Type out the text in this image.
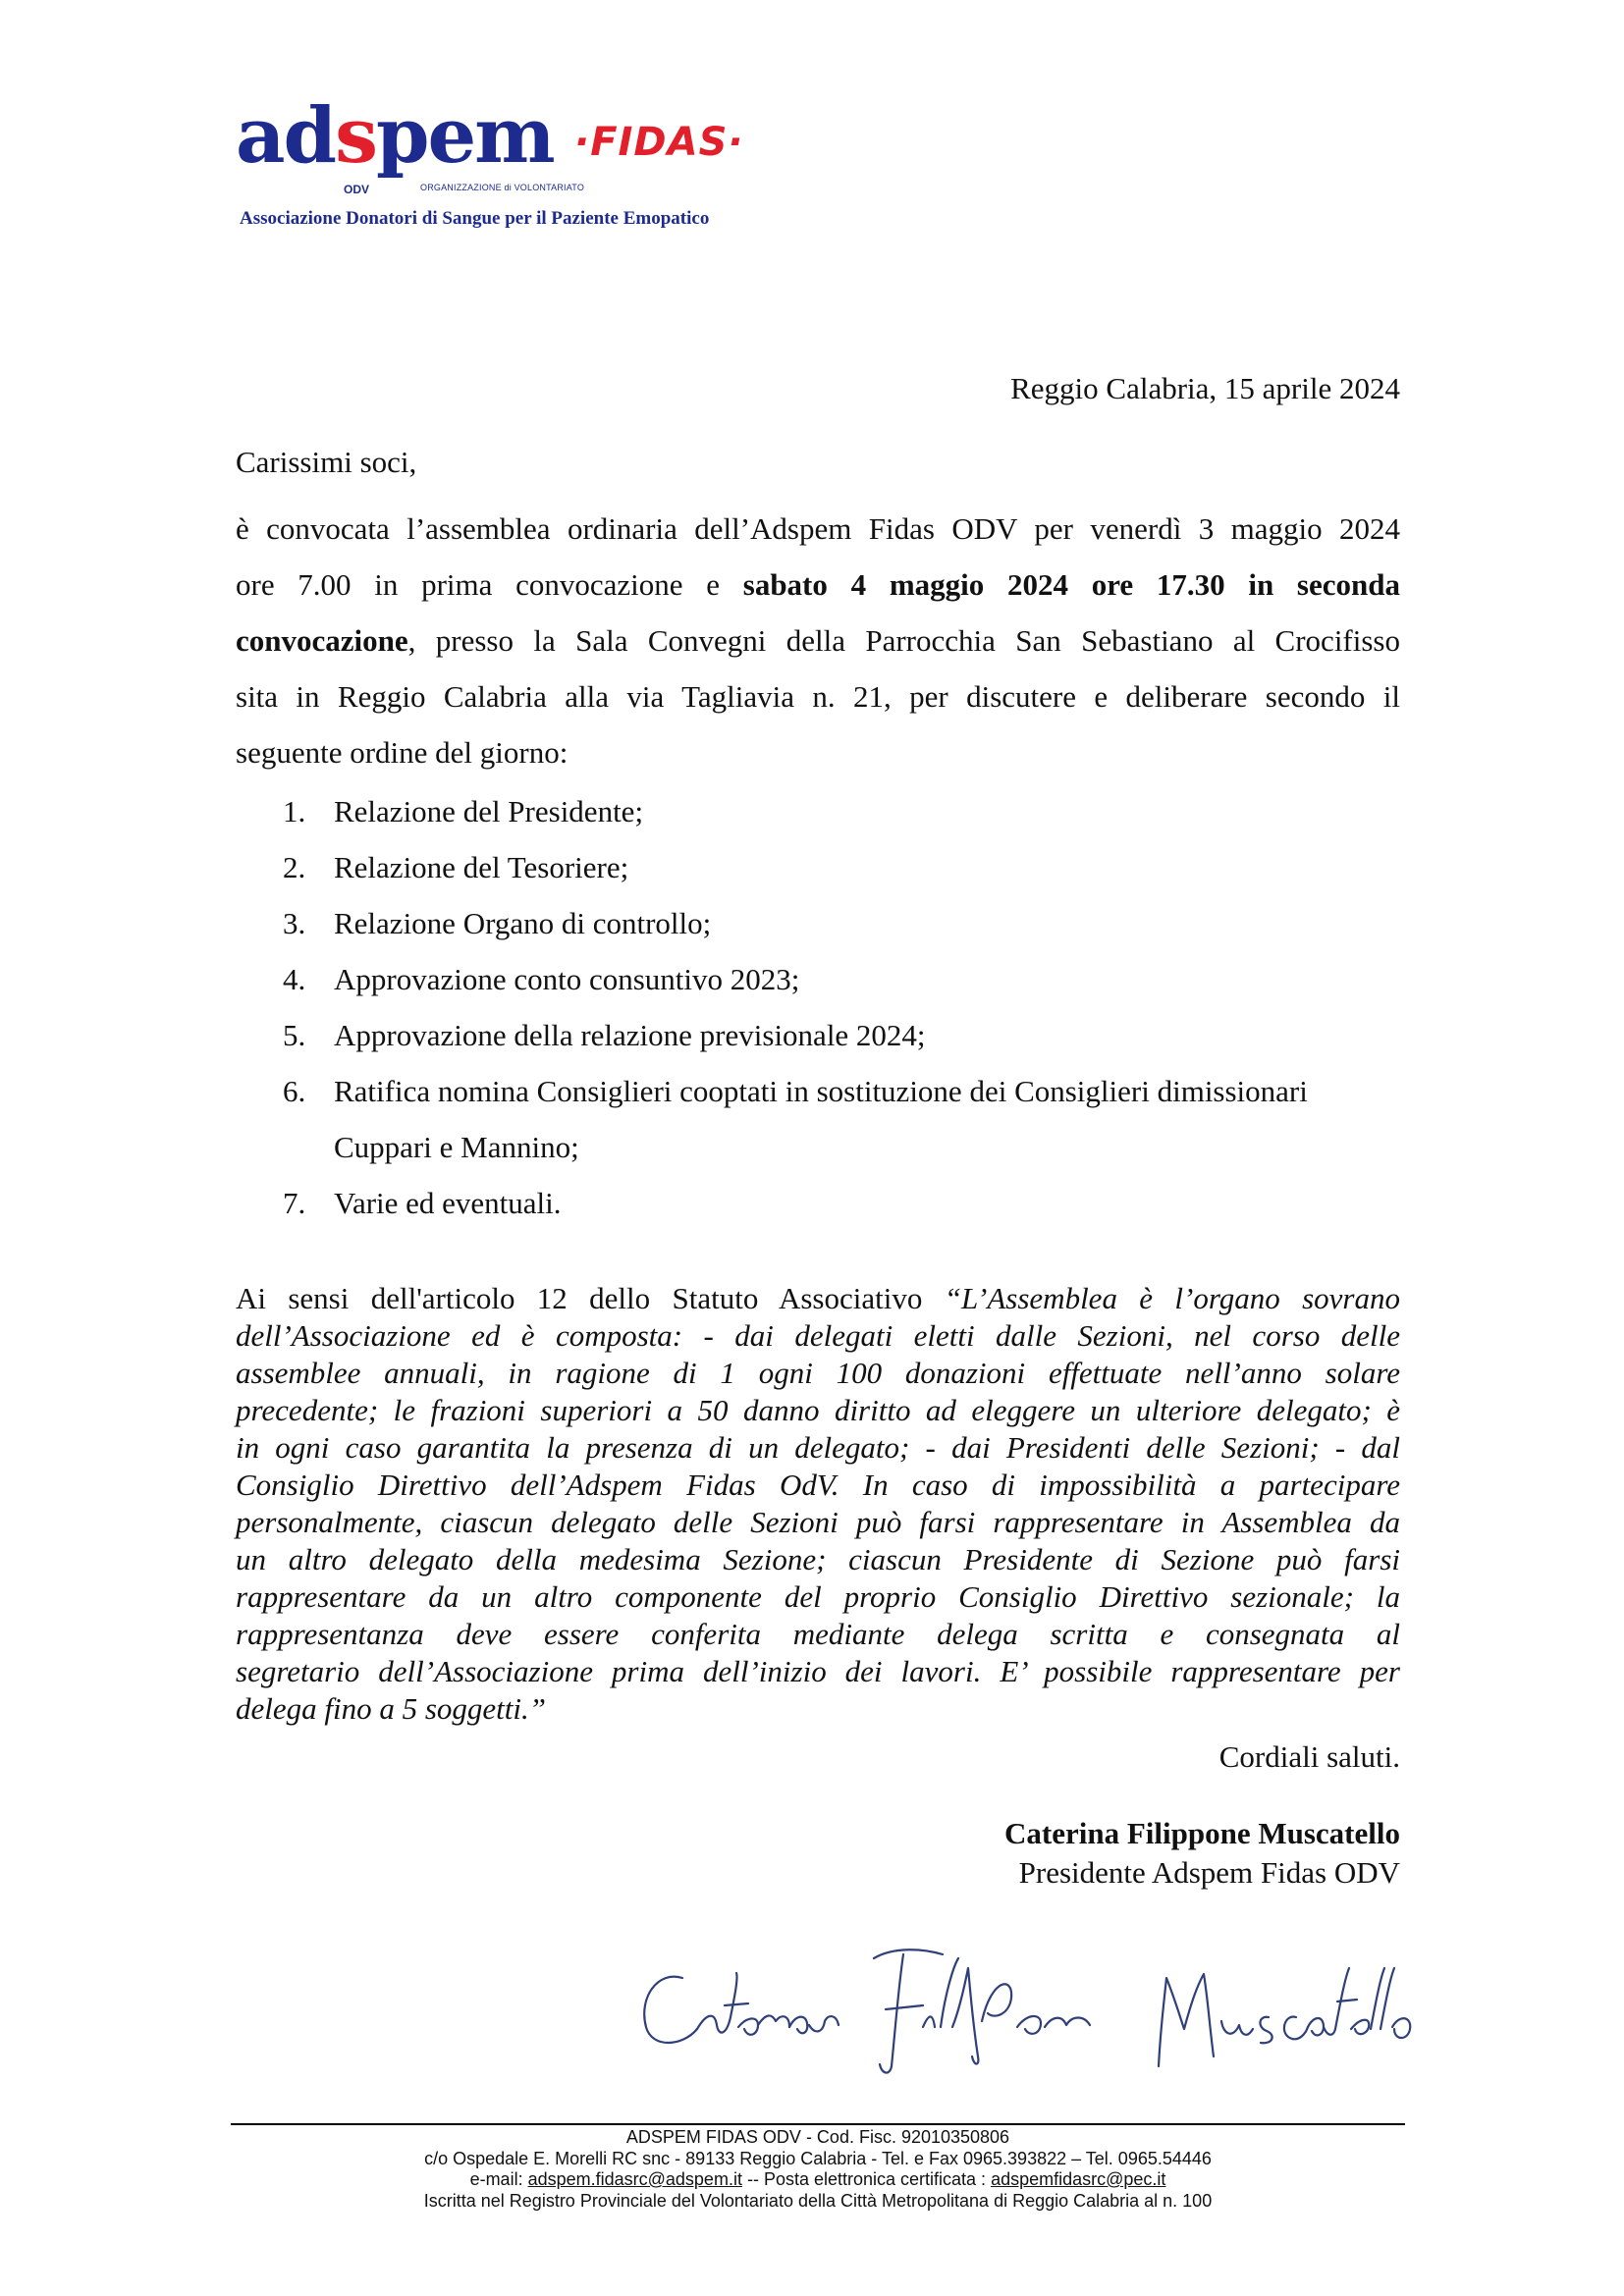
adspem ·FIDAS·
ODV	ORGANIZZAZIONE di VOLONTARIATO
Associazione Donatori di Sangue per il Paziente Emopatico
Reggio Calabria, 15 aprile 2024
Carissimi soci,
è convocata l’assemblea ordinaria dell’Adspem Fidas ODV per venerdì 3 maggio 2024
ore 7.00 in prima convocazione e sabato 4 maggio 2024 ore 17.30 in seconda
convocazione, presso la Sala Convegni della Parrocchia San Sebastiano al Crocifisso
sita in Reggio Calabria alla via Tagliavia n. 21, per discutere e deliberare secondo il
seguente ordine del giorno:
1. Relazione del Presidente;
2. Relazione del Tesoriere;
3. Relazione Organo di controllo;
4. Approvazione conto consuntivo 2023;
5. Approvazione della relazione previsionale 2024;
6. Ratifica nomina Consiglieri cooptati in sostituzione dei Consiglieri dimissionari
Cuppari e Mannino;
7. Varie ed eventuali.
Ai sensi dell'articolo 12 dello Statuto Associativo “L’Assemblea è l’organo sovrano
dell’Associazione ed è composta: - dai delegati eletti dalle Sezioni, nel corso delle
assemblee annuali, in ragione di 1 ogni 100 donazioni effettuate nell’anno solare
precedente; le frazioni superiori a 50 danno diritto ad eleggere un ulteriore delegato; è
in ogni caso garantita la presenza di un delegato; - dai Presidenti delle Sezioni; - dal
Consiglio Direttivo dell’Adspem Fidas OdV. In caso di impossibilità a partecipare
personalmente, ciascun delegato delle Sezioni può farsi rappresentare in Assemblea da
un altro delegato della medesima Sezione; ciascun Presidente di Sezione può farsi
rappresentare da un altro componente del proprio Consiglio Direttivo sezionale; la
rappresentanza deve essere conferita mediante delega scritta e consegnata al
segretario dell’Associazione prima dell’inizio dei lavori. E’ possibile rappresentare per
delega fino a 5 soggetti.”
Cordiali saluti.
Caterina Filippone Muscatello
Presidente Adspem Fidas ODV
ADSPEM FIDAS ODV - Cod. Fisc. 92010350806
c/o Ospedale E. Morelli RC snc - 89133 Reggio Calabria - Tel. e Fax 0965.393822 – Tel. 0965.54446
e-mail: adspem.fidasrc@adspem.it -- Posta elettronica certificata : adspemfidasrc@pec.it
Iscritta nel Registro Provinciale del Volontariato della Città Metropolitana di Reggio Calabria al n. 100
